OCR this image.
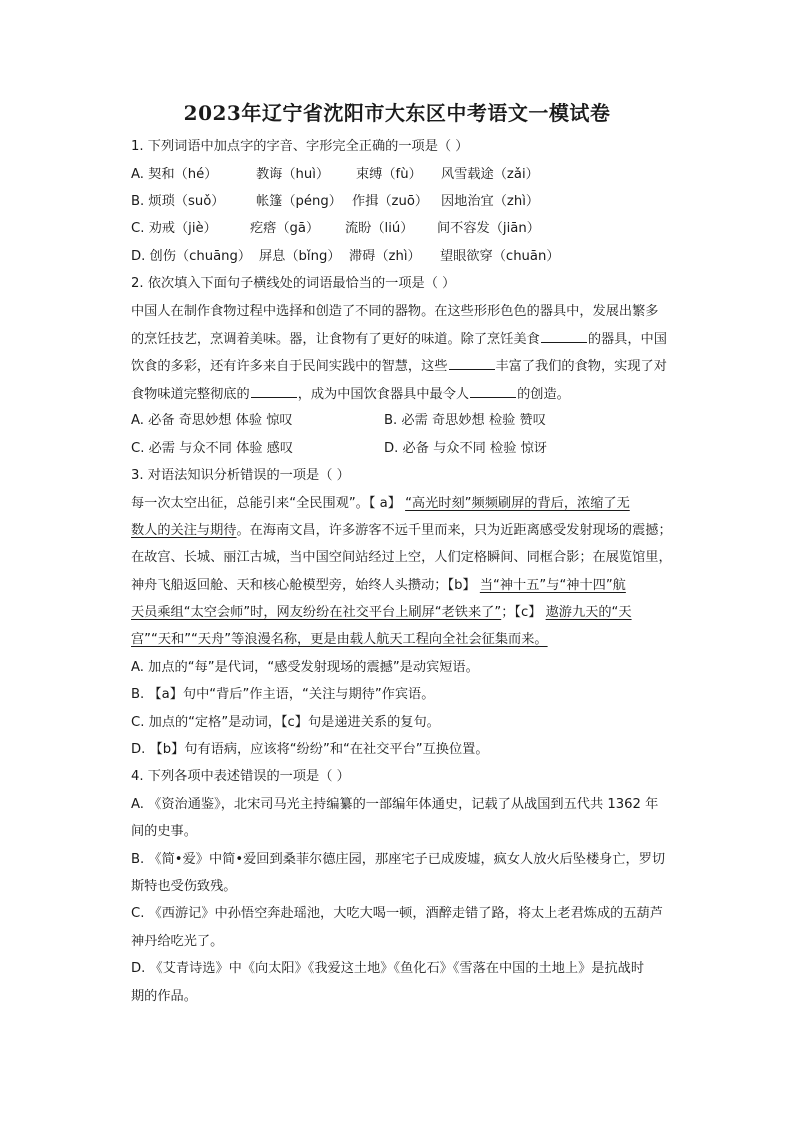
2023年辽宁省沈阳市大东区中考语文一模试卷
1. 下列词语中加点字的字音、字形完全正确的一项是（ ）
A. 契和（hé）	教诲（huì） 束缚（fù） 风雪载途（zǎi）
B. 烦琐（suǒ） 帐篷（péng） 作揖（zuō） 因地治宜（zhì）
C. 劝戒（jiè）	疙瘩（gā） 流盼（liú） 间不容发（jiān）
D. 创伤（chuāng） 屏息（bǐng） 滞碍（zhì） 望眼欲穿（chuān）
2. 依次填入下面句子横线处的词语最恰当的一项是（ ）
中国人在制作食物过程中选择和创造了不同的器物。在这些形形色色的器具中，发展出繁多
的烹饪技艺，烹调着美味。器，让食物有了更好的味道。除了烹饪美食	的器具，中国
饮食的多彩，还有许多来自于民间实践中的智慧，这些	丰富了我们的食物，实现了对
食物味道完整彻底的	，成为中国饮食器具中最令人	的创造。
A. 必备 奇思妙想 体验 惊叹	B. 必需 奇思妙想 检验 赞叹
C. 必需 与众不同 体验 感叹	D. 必备 与众不同 检验 惊讶
3. 对语法知识分析错误的一项是（ ）
每一次太空出征，总能引来“全民围观”。【 a】 “高光时刻”频频刷屏的背后，浓缩了无
数人的关注与期待。在海南文昌，许多游客不远千里而来，只为近距离感受发射现场的震撼；
在故宫、长城、丽江古城，当中国空间站经过上空，人们定格瞬间、同框合影；在展览馆里，
神舟飞船返回舱、天和核心舱模型旁，始终人头攒动；【b】 当“神十五”与“神十四”航
天员乘组“太空会师”时，网友纷纷在社交平台上刷屏“老铁来了”；【c】 遨游九天的“天
宫”“天和”“天舟”等浪漫名称，更是由载人航天工程向全社会征集而来。
A. 加点的“每”是代词，“感受发射现场的震撼”是动宾短语。
B. 【a】句中“背后”作主语，“关注与期待”作宾语。
C. 加点的“定格”是动词，【c】句是递进关系的复句。
D. 【b】句有语病，应该将“纷纷”和“在社交平台”互换位置。
4. 下列各项中表述错误的一项是（ ）
A. 《资治通鉴》，北宋司马光主持编纂的一部编年体通史，记载了从战国到五代共 1362 年
间的史事。
B. 《简•爱》中简•爱回到桑菲尔德庄园，那座宅子已成废墟，疯女人放火后坠楼身亡，罗切
斯特也受伤致残。
C. 《西游记》中孙悟空奔赴瑶池，大吃大喝一顿，酒醉走错了路，将太上老君炼成的五葫芦
神丹给吃光了。
D. 《艾青诗选》中《向太阳》《我爱这土地》《鱼化石》《雪落在中国的土地上》是抗战时
期的作品。
